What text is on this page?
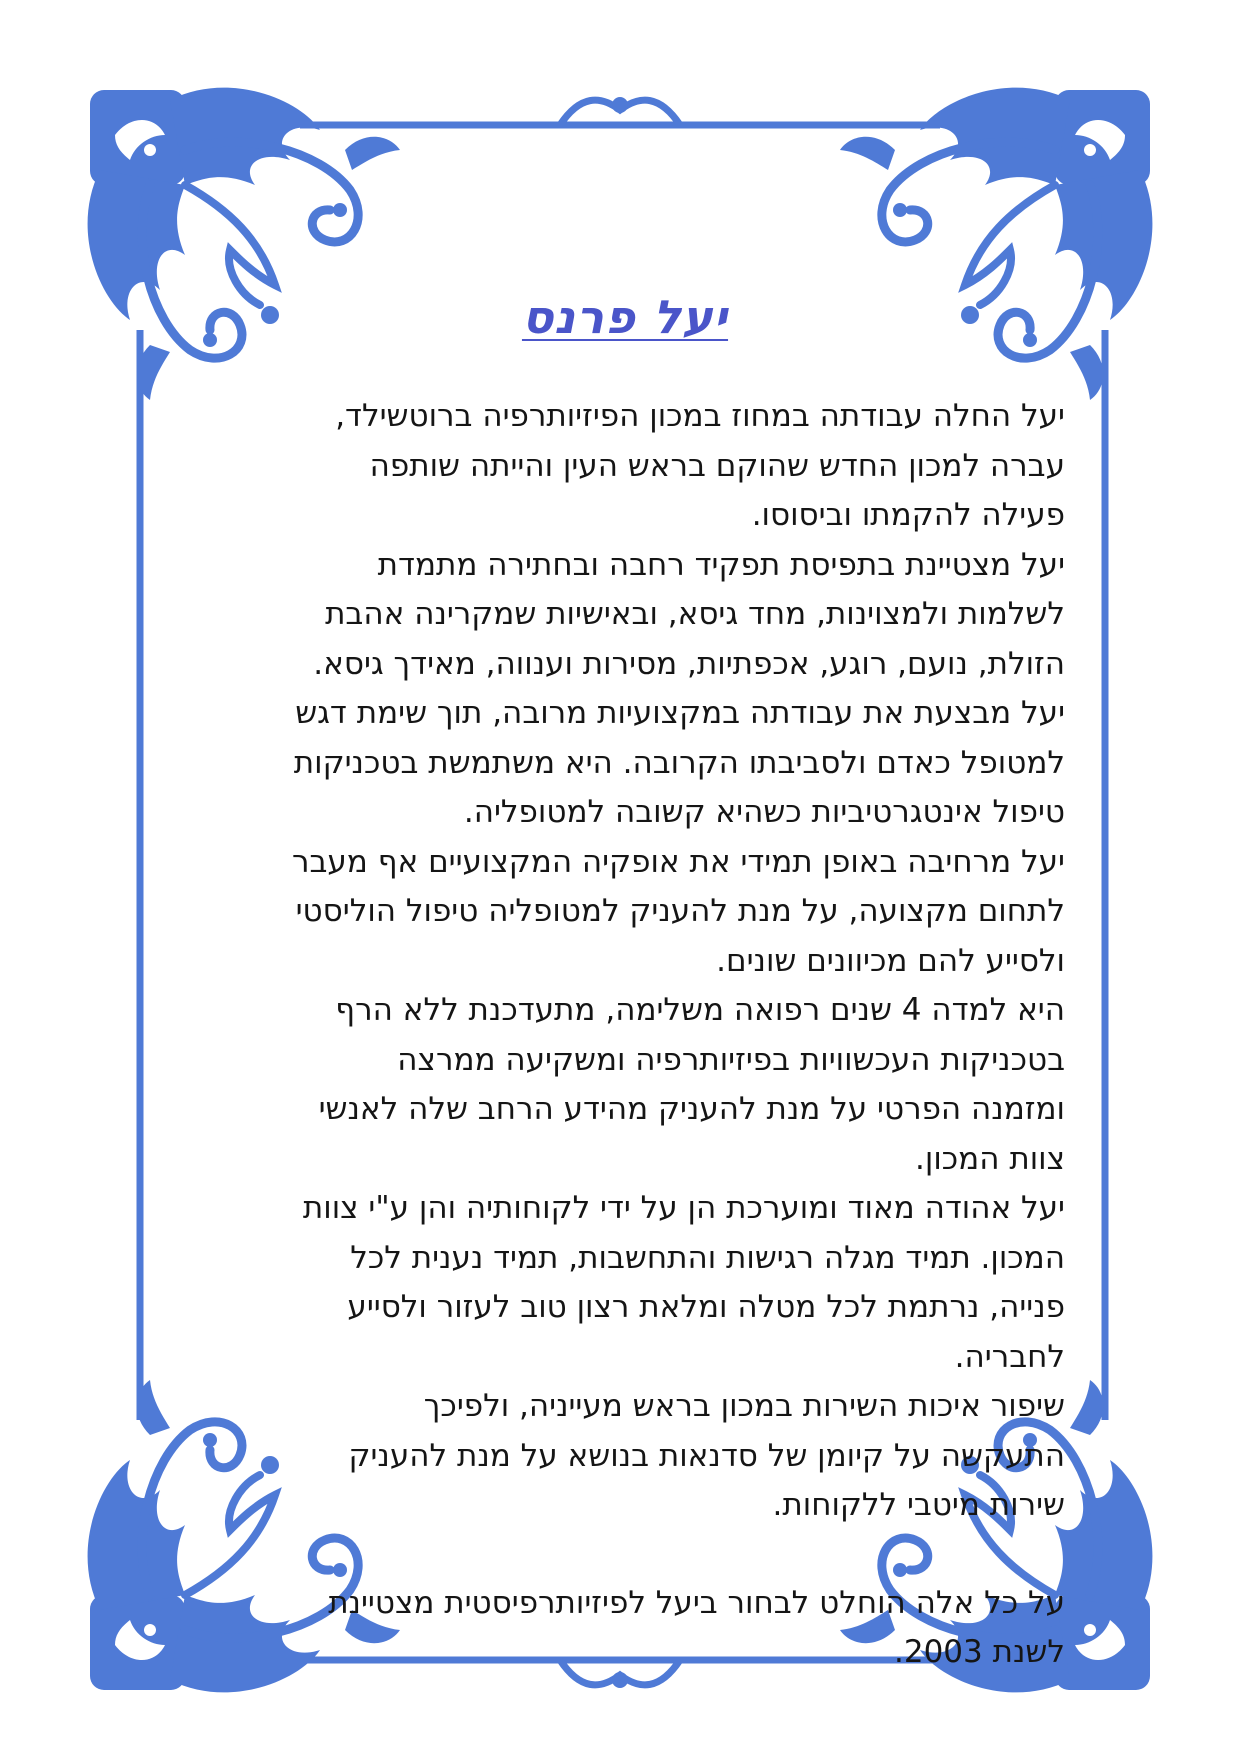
יעל פרנס

יעל החלה עבודתה במחוז במכון הפיזיותרפיה ברוטשילד,
עברה למכון החדש שהוקם בראש העין והייתה שותפה
פעילה להקמתו וביסוסו.

יעל מצטיינת בתפיסת תפקיד רחבה ובחתירה מתמדת
לשלמות ולמצוינות, מחד גיסא, ובאישיות שמקרינה אהבת
הזולת, נועם, רוגע, אכפתיות, מסירות וענווה, מאידך גיסא.

יעל מבצעת את עבודתה במקצועיות מרובה, תוך שימת דגש
למטופל כאדם ולסביבתו הקרובה. היא משתמשת בטכניקות
טיפול אינטגרטיביות כשהיא קשובה למטופליה.

יעל מרחיבה באופן תמידי את אופקיה המקצועיים אף מעבר
לתחום מקצועה, על מנת להעניק למטופליה טיפול הוליסטי
ולסייע להם מכיוונים שונים.

היא למדה 4 שנים רפואה משלימה, מתעדכנת ללא הרף
בטכניקות העכשוויות בפיזיותרפיה ומשקיעה ממרצה
ומזמנה הפרטי על מנת להעניק מהידע הרחב שלה לאנשי
צוות המכון.

יעל אהודה מאוד ומוערכת הן על ידי לקוחותיה והן ע"י צוות
המכון. תמיד מגלה רגישות והתחשבות, תמיד נענית לכל
פנייה, נרתמת לכל מטלה ומלאת רצון טוב לעזור ולסייע
לחבריה.

שיפור איכות השירות במכון בראש מעייניה, ולפיכך
התעקשה על קיומן של סדנאות בנושא על מנת להעניק
שירות מיטבי ללקוחות.

על כל אלה הוחלט לבחור ביעל לפיזיותרפיסטית מצטיינת
לשנת 2003.
